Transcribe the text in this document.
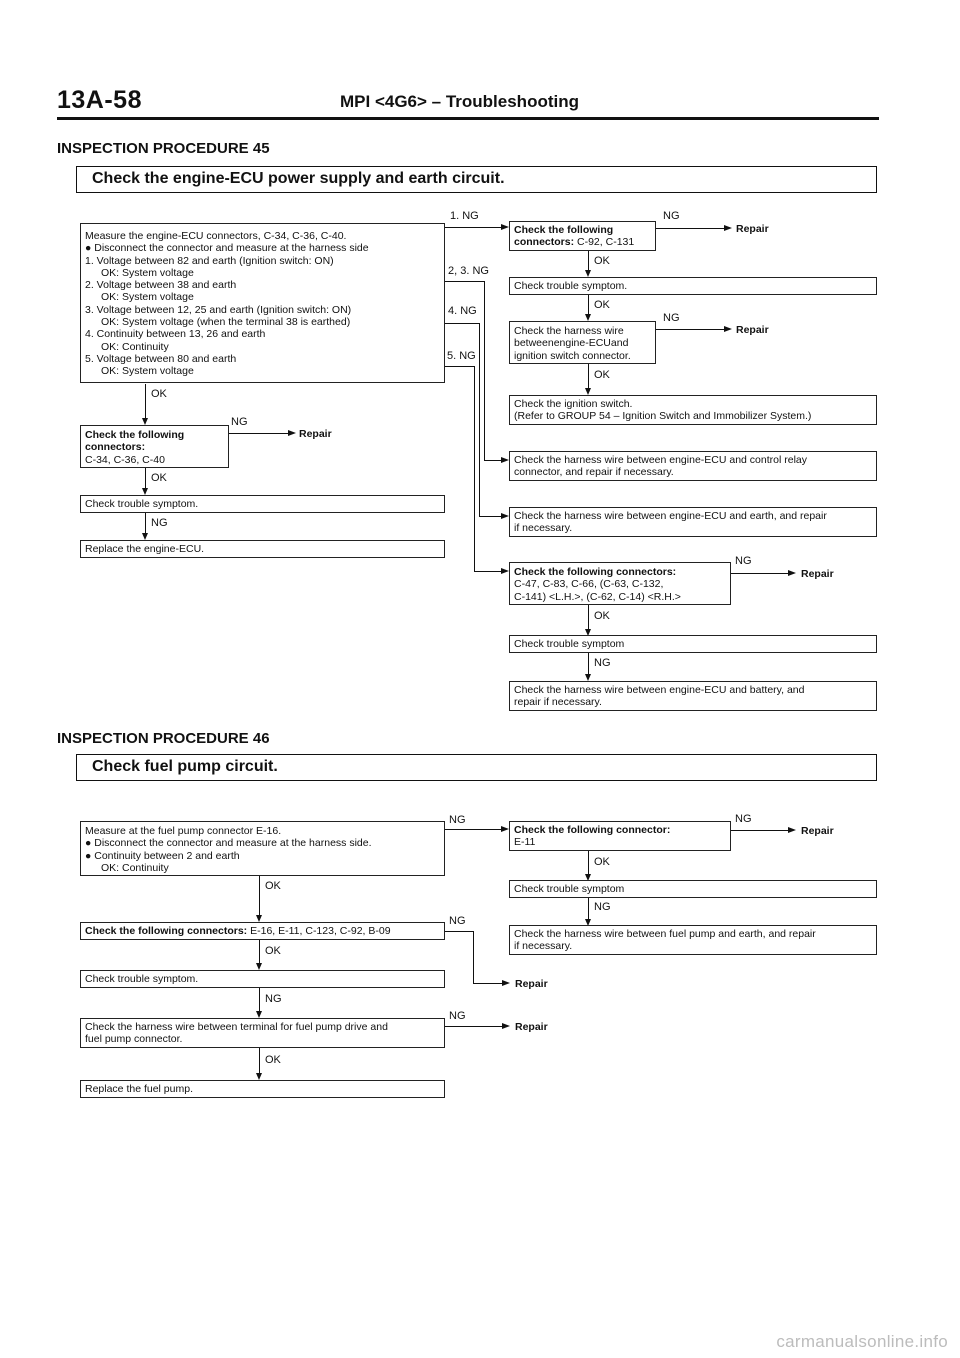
13A-58	MPI <4G6> – Troubleshooting
INSPECTION PROCEDURE 45
Check the engine-ECU power supply and earth circuit.
Measure the engine-ECU connectors, C-34, C-36, C-40.
● Disconnect the connector and measure at the harness side
1. Voltage between 82 and earth (Ignition switch: ON)
OK: System voltage
2. Voltage between 38 and earth
OK: System voltage
3. Voltage between 12, 25 and earth (Ignition switch: ON)
OK: System voltage (when the terminal 38 is earthed)
4. Continuity between 13, 26 and earth
OK: Continuity
5. Voltage between 80 and earth
OK: System voltage
1. NG
2, 3. NG
4. NG
5. NG
OK
Check the following
connectors:
C-34, C-36, C-40
NG
Repair
OK
Check trouble symptom.
NG
Replace the engine-ECU.
Check the following
connectors: C-92, C-131
NG
Repair
OK
Check trouble symptom.
OK
Check the harness wire
betweenengine-ECUand
ignition switch connector.
NG
Repair
OK
Check the ignition switch.
(Refer to GROUP 54 – Ignition Switch and Immobilizer System.)
Check the harness wire between engine-ECU and control relay
connector, and repair if necessary.
Check the harness wire between engine-ECU and earth, and repair
if necessary.
Check the following connectors:
C-47, C-83, C-66, (C-63, C-132,
C-141) <L.H.>, (C-62, C-14) <R.H.>
NG
Repair
OK
Check trouble symptom
NG
Check the harness wire between engine-ECU and battery, and
repair if necessary.
INSPECTION PROCEDURE 46
Check fuel pump circuit.
Measure at the fuel pump connector E-16.
● Disconnect the connector and measure at the harness side.
● Continuity between 2 and earth
OK: Continuity
NG
OK
Check the following connectors: E-16, E-11, C-123, C-92, B-09
NG
Repair
OK
Check trouble symptom.
NG
Check the harness wire between terminal for fuel pump drive and
fuel pump connector.
NG
Repair
OK
Replace the fuel pump.
Check the following connector:
E-11
NG
Repair
OK
Check trouble symptom
NG
Check the harness wire between fuel pump and earth, and repair
if necessary.
carmanualsonline.info
